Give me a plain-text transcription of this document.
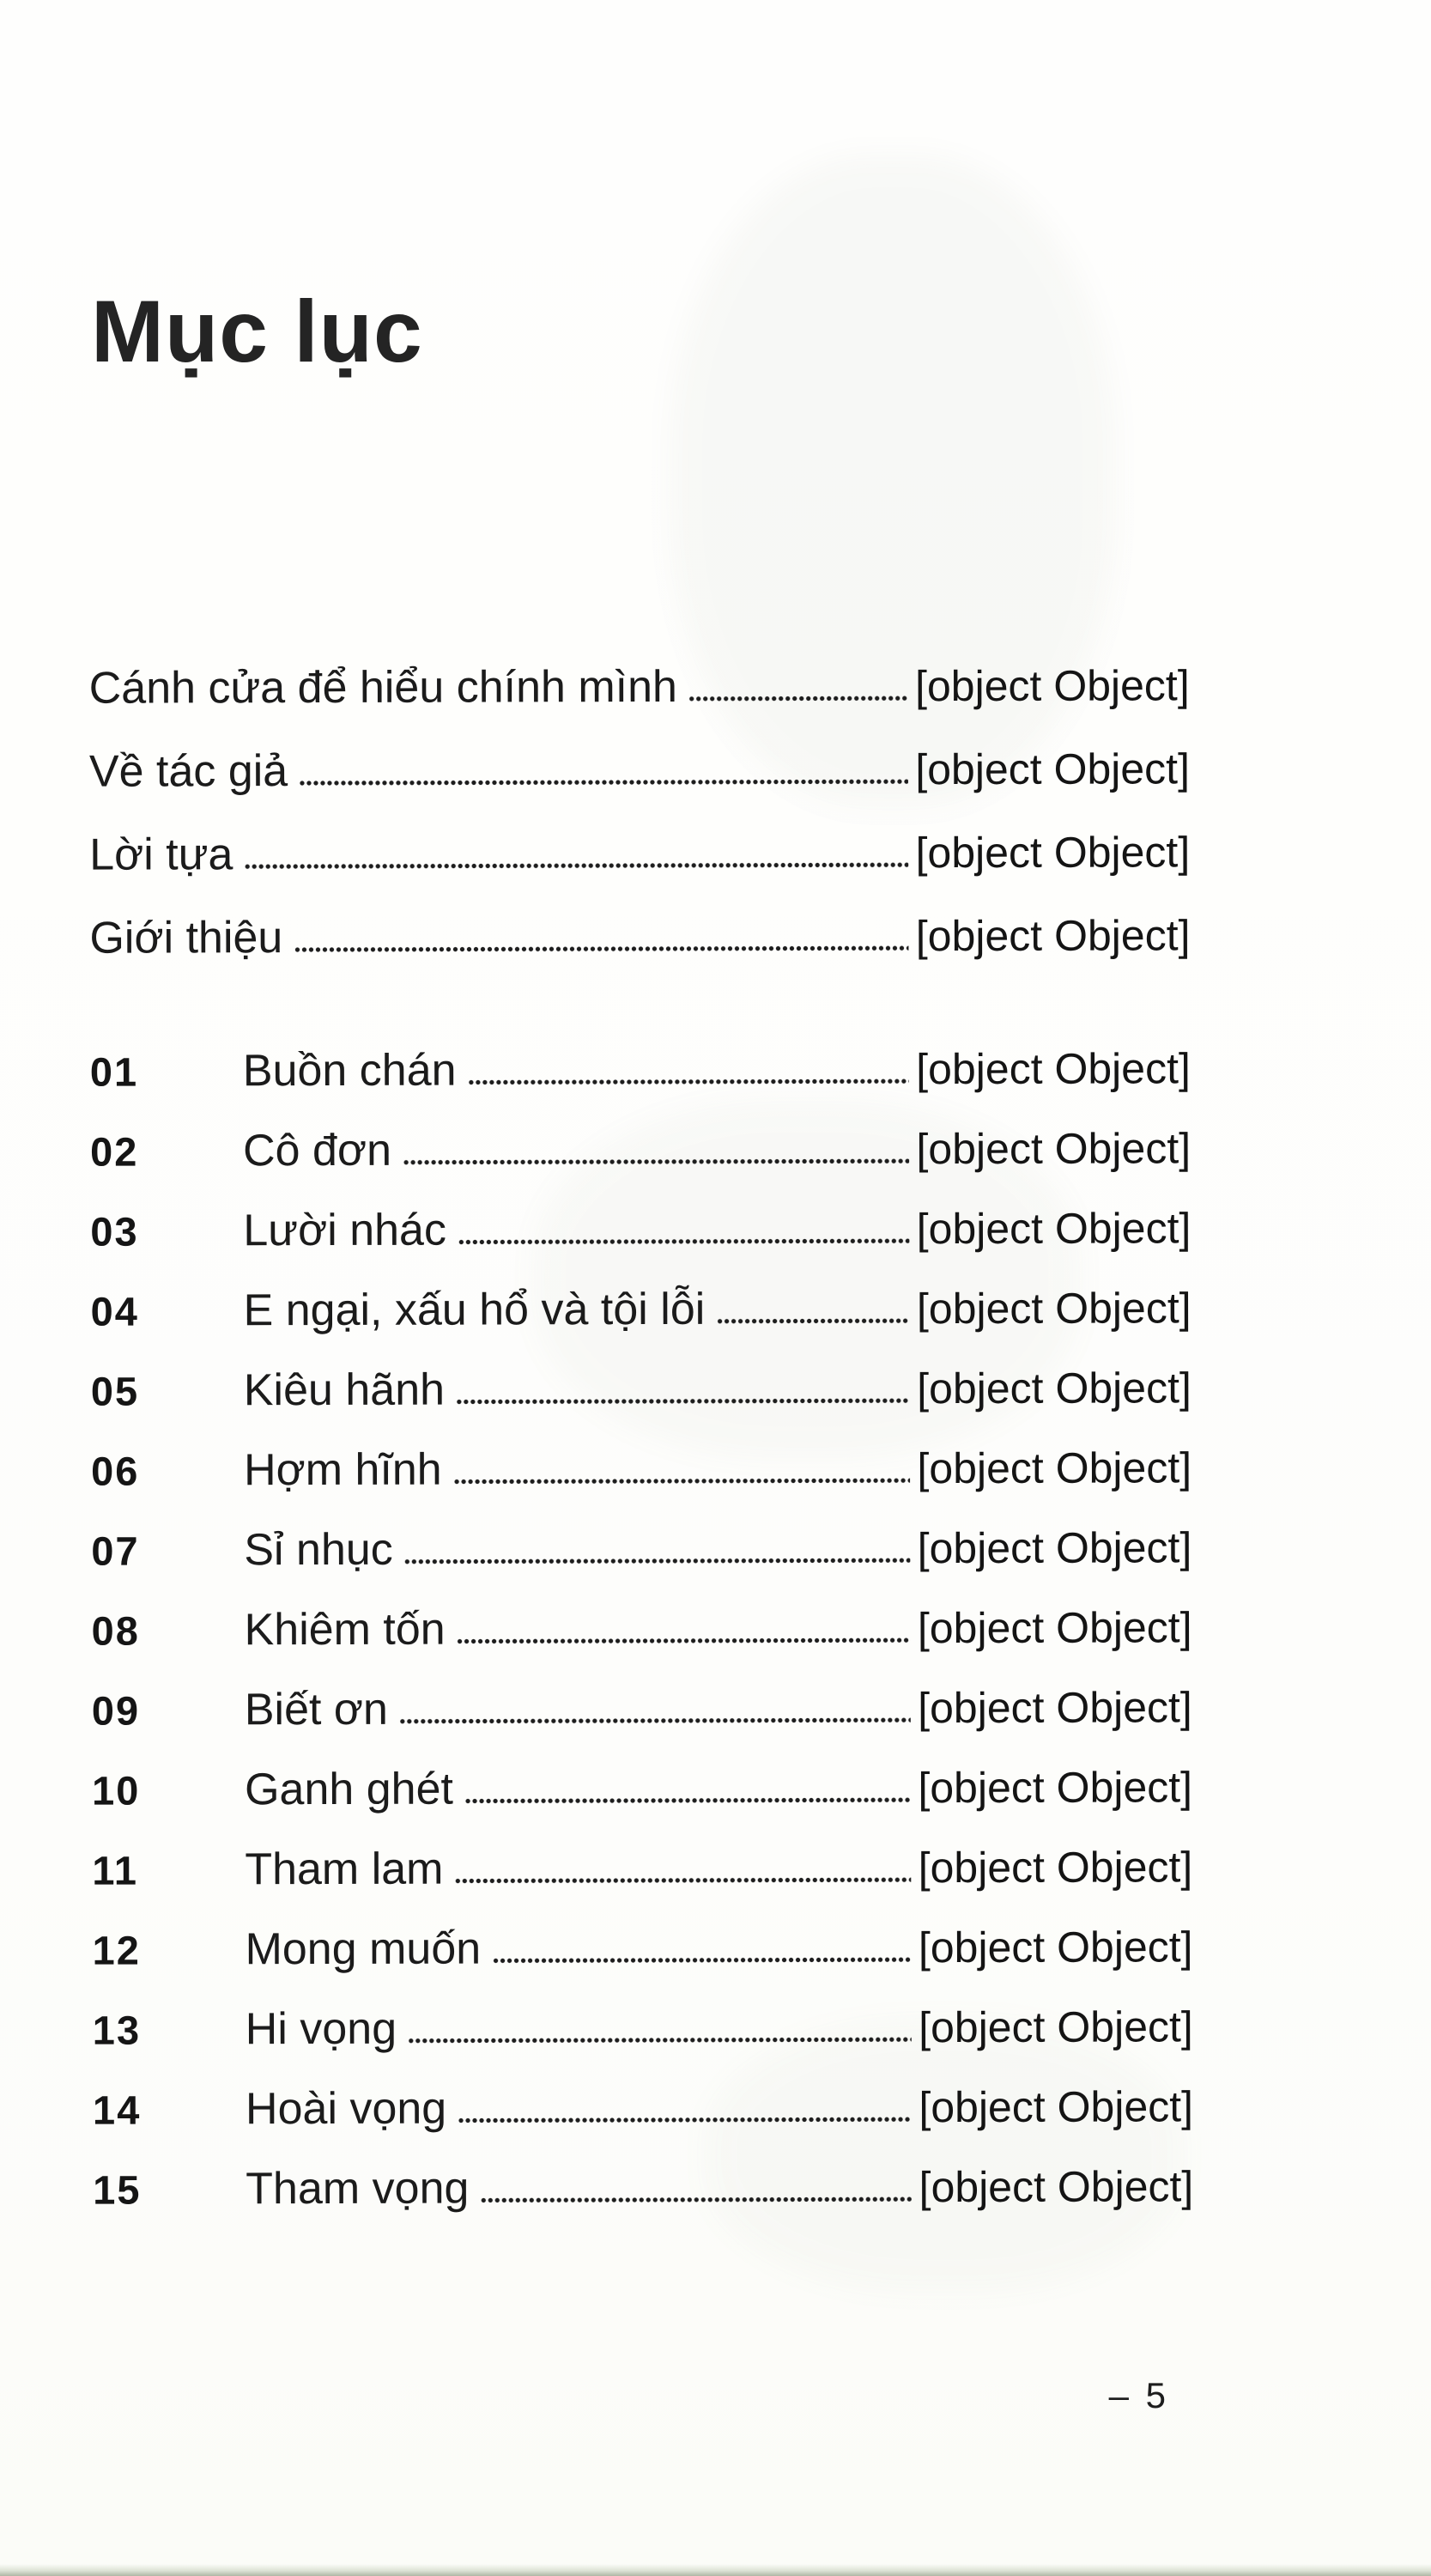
Mục lục
Cánh cửa để hiểu chính mình	[object Object]
Về tác giả	[object Object]
Lời tựa	[object Object]
Giới thiệu	[object Object]
01	Buồn chán	[object Object]
02	Cô đơn	[object Object]
03	Lười nhác	[object Object]
04	E ngại, xấu hổ và tội lỗi	[object Object]
05	Kiêu hãnh	[object Object]
06	Hợm hĩnh	[object Object]
07	Sỉ nhục	[object Object]
08	Khiêm tốn	[object Object]
09	Biết ơn	[object Object]
10	Ganh ghét	[object Object]
11	Tham lam	[object Object]
12	Mong muốn	[object Object]
13	Hi vọng	[object Object]
14	Hoài vọng	[object Object]
15	Tham vọng	[object Object]
– 5
